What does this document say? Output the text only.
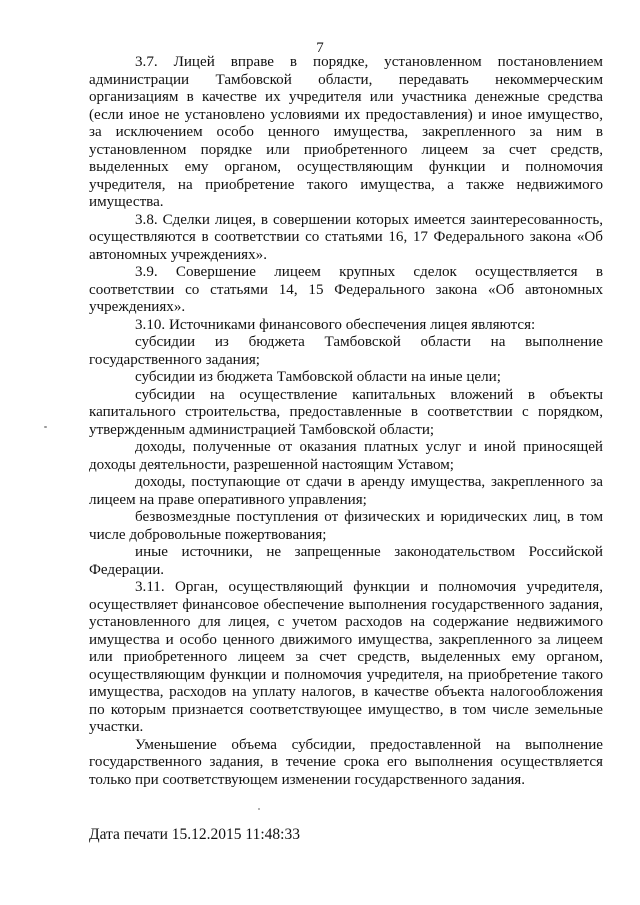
7

3.7. Лицей вправе в порядке, установленном постановлением администрации Тамбовской области, передавать некоммерческим организациям в качестве их учредителя или участника денежные средства (если иное не установлено условиями их предоставления) и иное имущество, за исключением особо ценного имущества, закрепленного за ним в установленном порядке или приобретенного лицеем за счет средств, выделенных ему органом, осуществляющим функции и полномочия учредителя, на приобретение такого имущества, а также недвижимого имущества.

3.8. Сделки лицея, в совершении которых имеется заинтересованность, осуществляются в соответствии со статьями 16, 17 Федерального закона «Об автономных учреждениях».

3.9. Совершение лицеем крупных сделок осуществляется в соответствии со статьями 14, 15 Федерального закона «Об автономных учреждениях».

3.10. Источниками финансового обеспечения лицея являются:

субсидии из бюджета Тамбовской области на выполнение государственного задания;

субсидии из бюджета Тамбовской области на иные цели;

субсидии на осуществление капитальных вложений в объекты капитального строительства, предоставленные в соответствии с порядком, утвержденным администрацией Тамбовской области;

доходы, полученные от оказания платных услуг и иной приносящей доходы деятельности, разрешенной настоящим Уставом;

доходы, поступающие от сдачи в аренду имущества, закрепленного за лицеем на праве оперативного управления;

безвозмездные поступления от физических и юридических лиц, в том числе добровольные пожертвования;

иные источники, не запрещенные законодательством Российской Федерации.

3.11. Орган, осуществляющий функции и полномочия учредителя, осуществляет финансовое обеспечение выполнения государственного задания, установленного для лицея, с учетом расходов на содержание недвижимого имущества и особо ценного движимого имущества, закрепленного за лицеем или приобретенного лицеем за счет средств, выделенных ему органом, осуществляющим функции и полномочия учредителя, на приобретение такого имущества, расходов на уплату налогов, в качестве объекта налогообложения по которым признается соответствующее имущество, в том числе земельные участки.

Уменьшение объема субсидии, предоставленной на выполнение государственного задания, в течение срока его выполнения осуществляется только при соответствующем изменении государственного задания.

Дата печати 15.12.2015 11:48:33
